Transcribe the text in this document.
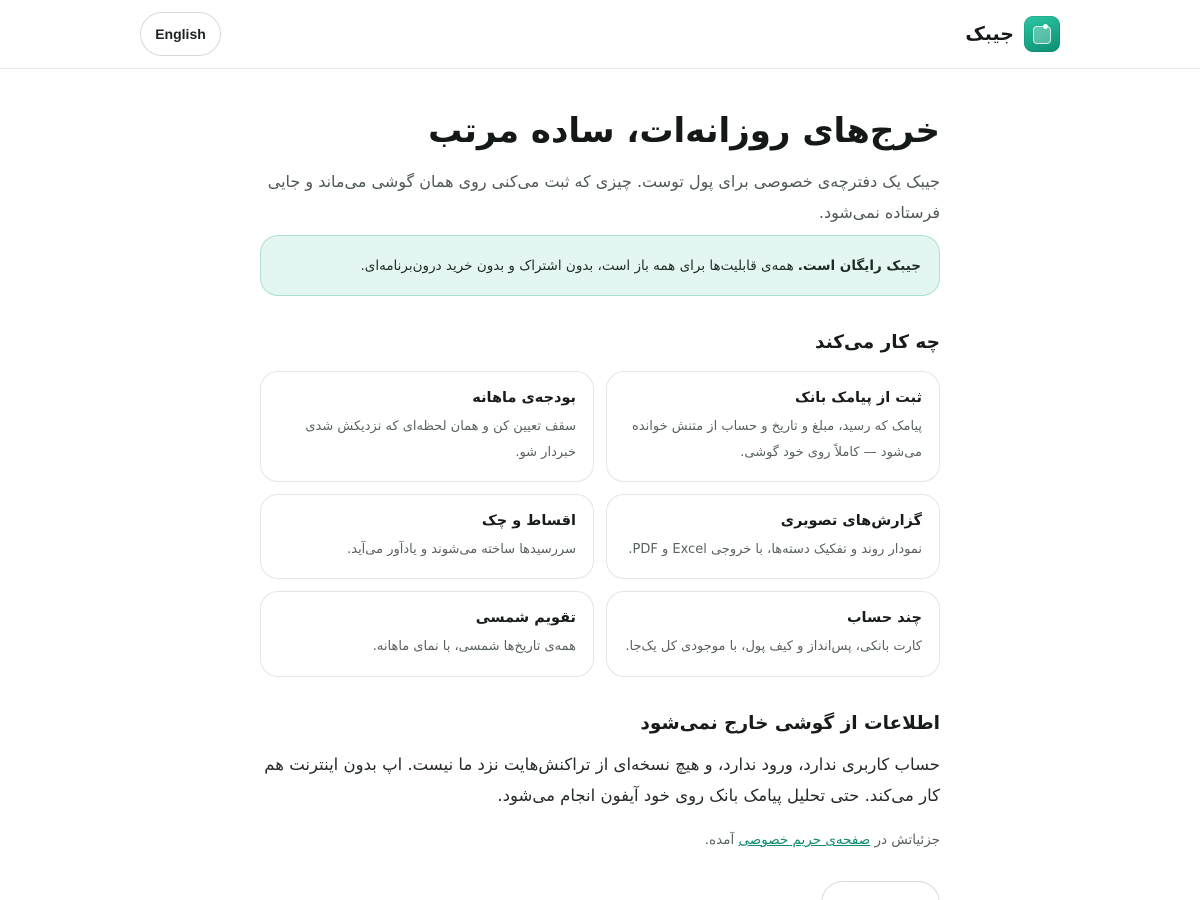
جیبک
English
خرج‌های روزانه‌ات، ساده مرتب

جیبک یک دفترچه‌ی خصوصی برای پول توست. چیزی که ثبت می‌کنی روی همان گوشی می‌ماند و جایی فرستاده نمی‌شود.

جیبک رایگان است.
همه‌ی قابلیت‌ها برای همه باز است، بدون اشتراک و بدون خرید درون‌برنامه‌ای.
چه کار می‌کند
ثبت از پیامک بانک
پیامک که رسید، مبلغ و تاریخ و حساب از متنش خوانده می‌شود — کاملاً روی خود گوشی.
بودجه‌ی ماهانه
سقف تعیین کن و همان لحظه‌ای که نزدیکش شدی خبردار شو.
گزارش‌های تصویری
نمودار روند و تفکیک دسته‌ها، با خروجی Excel و PDF.
اقساط و چک
سررسیدها ساخته می‌شوند و یادآور می‌آید.
چند حساب
کارت بانکی، پس‌انداز و کیف پول، با موجودی کل یک‌جا.
تقویم شمسی
همه‌ی تاریخ‌ها شمسی، با نمای ماهانه.
اطلاعات از گوشی خارج نمی‌شود

حساب کاربری ندارد، ورود ندارد، و هیچ نسخه‌ای از تراکنش‌هایت نزد ما نیست. اپ بدون اینترنت هم کار می‌کند. حتی تحلیل پیامک بانک روی خود آیفون انجام می‌شود.

جزئیاتش در صفحه‌ی حریم خصوصی آمده.
